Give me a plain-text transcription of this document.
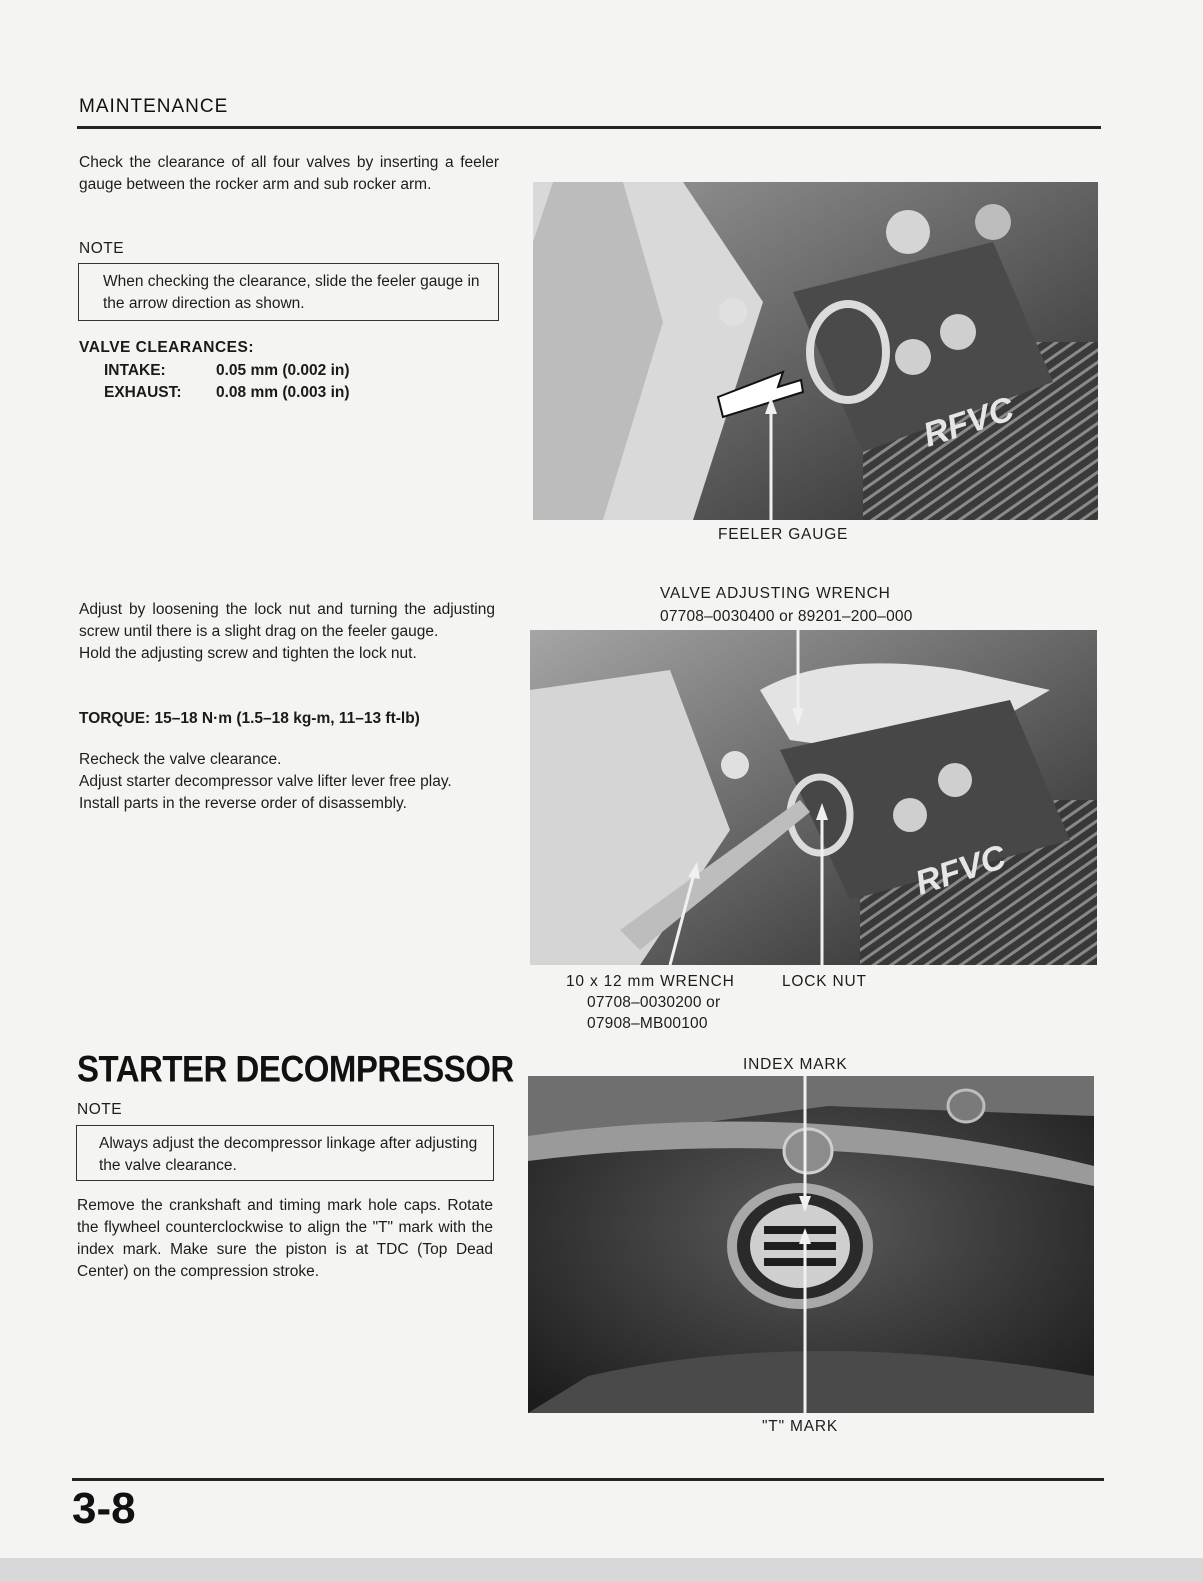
MAINTENANCE
Check the clearance of all four valves by inserting a feeler gauge between the rocker arm and sub rocker arm.
NOTE
When checking the clearance, slide the feeler gauge in the arrow direction as shown.
VALVE CLEARANCES:
INTAKE:	0.05 mm (0.002 in)
EXHAUST: 0.08 mm (0.003 in)	RFVC
FEELER GAUGE
Adjust by loosening the lock nut and turning the adjusting screw until there is a slight drag on the feeler gauge.
Hold the adjusting screw and tighten the lock nut.
TORQUE: 15–18 N·m (1.5–18 kg-m, 11–13 ft-lb)
Recheck the valve clearance.
Adjust starter decompressor valve lifter lever free play.
Install parts in the reverse order of disassembly.
VALVE ADJUSTING WRENCH
07708–0030400 or 89201–200–000
RFVC
10 x 12 mm WRENCH
07708–0030200 or
07908–MB00100
LOCK NUT
STARTER DECOMPRESSOR
NOTE
Always adjust the decompressor linkage after adjusting the valve clearance.
Remove the crankshaft and timing mark hole caps. Rotate the flywheel counterclockwise to align the "T" mark with the index mark. Make sure the piston is at TDC (Top Dead Center) on the compression stroke.
INDEX MARK
"T" MARK
3-8
